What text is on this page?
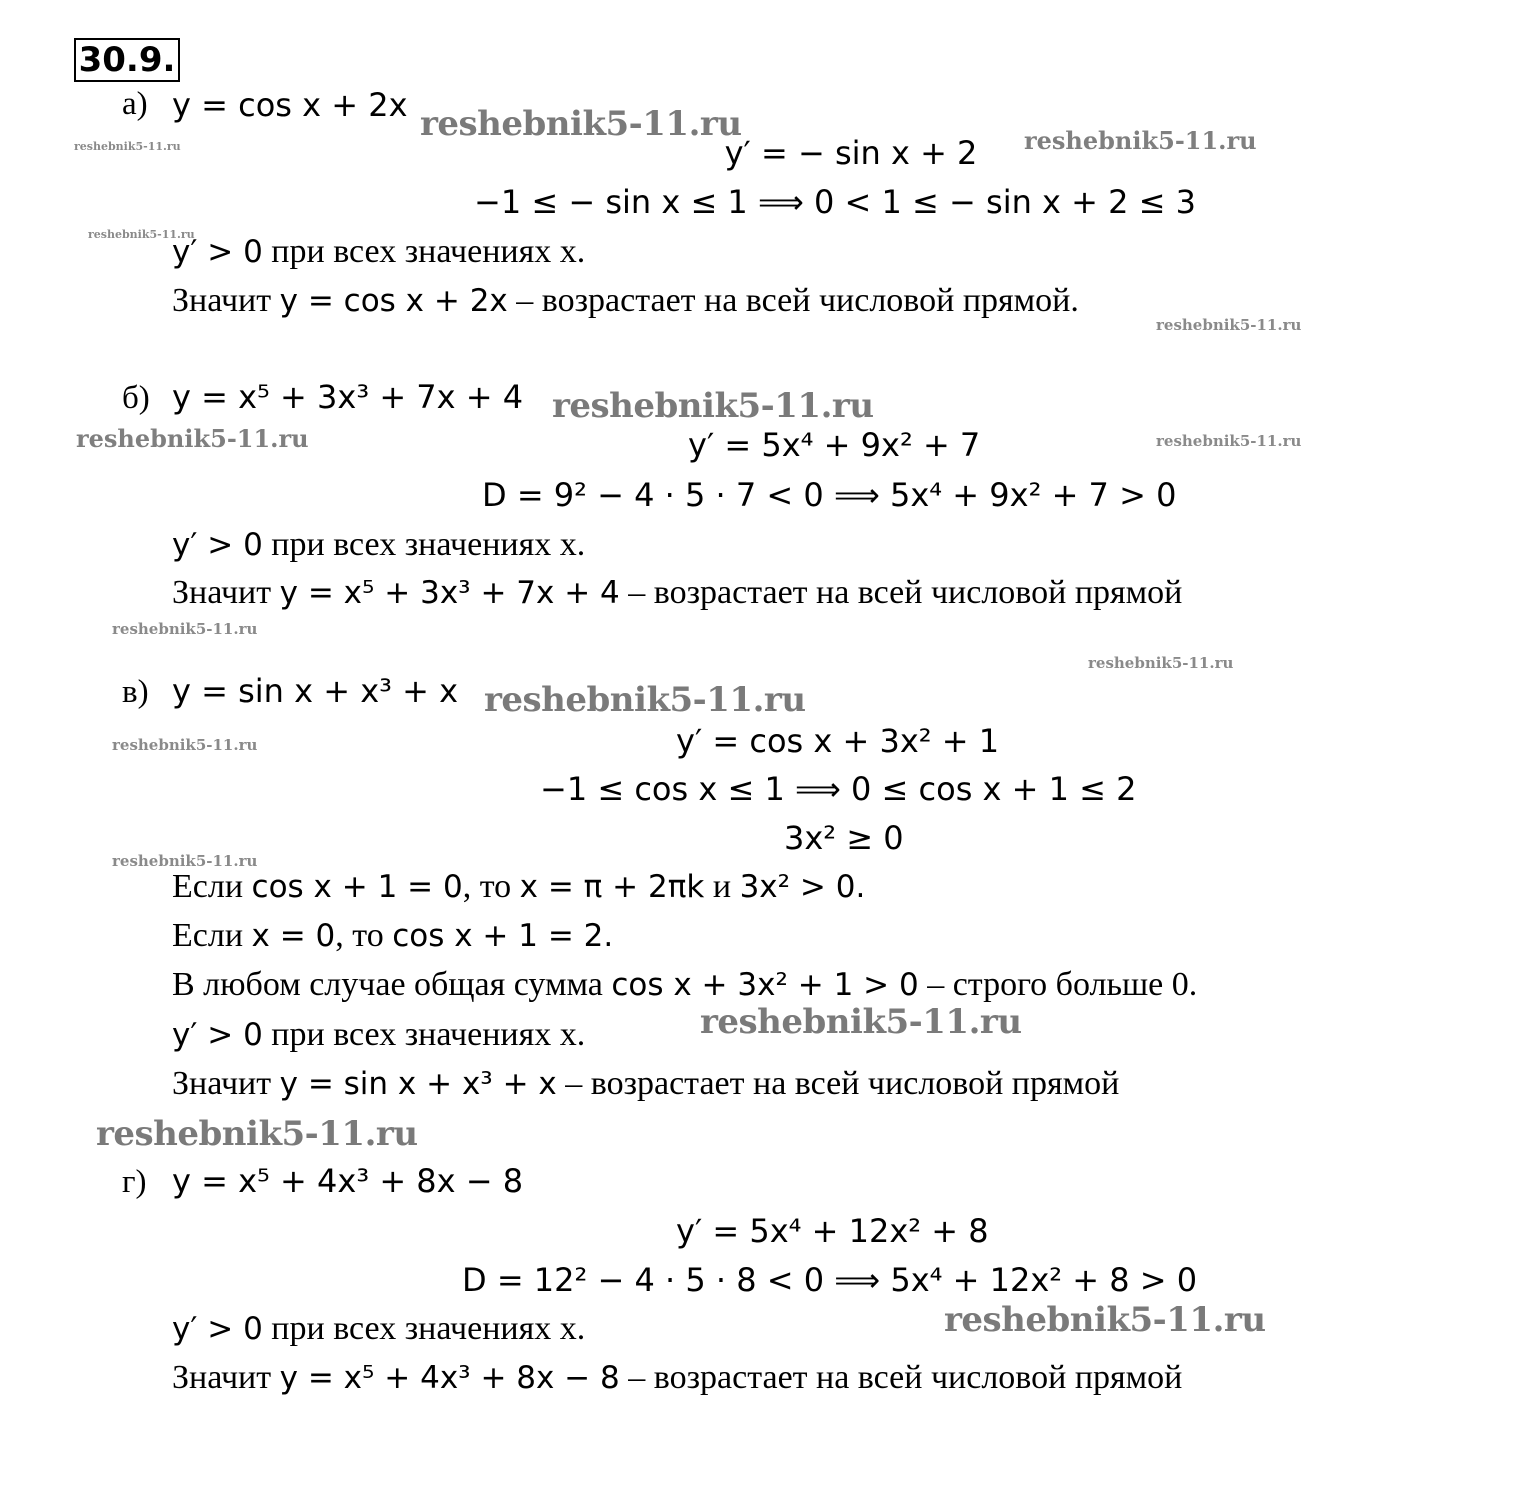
30.9.
а) y = cos x + 2x
y′ = − sin x + 2
−1 ≤ − sin x ≤ 1 ⟹ 0 < 1 ≤ − sin x + 2 ≤ 3
y′ > 0 при всех значениях x.
Значит y = cos x + 2x – возрастает на всей числовой прямой.
б) y = x⁵ + 3x³ + 7x + 4
y′ = 5x⁴ + 9x² + 7
D = 9² − 4 · 5 · 7 < 0 ⟹ 5x⁴ + 9x² + 7 > 0
y′ > 0 при всех значениях x.
Значит y = x⁵ + 3x³ + 7x + 4 – возрастает на всей числовой прямой
в) y = sin x + x³ + x
y′ = cos x + 3x² + 1
−1 ≤ cos x ≤ 1 ⟹ 0 ≤ cos x + 1 ≤ 2
3x² ≥ 0
Если cos x + 1 = 0, то x = π + 2πk и 3x² > 0.
Если x = 0, то cos x + 1 = 2.
В любом случае общая сумма cos x + 3x² + 1 > 0 – строго больше 0.
y′ > 0 при всех значениях x.
Значит y = sin x + x³ + x – возрастает на всей числовой прямой
г) y = x⁵ + 4x³ + 8x − 8
y′ = 5x⁴ + 12x² + 8
D = 12² − 4 · 5 · 8 < 0 ⟹ 5x⁴ + 12x² + 8 > 0
y′ > 0 при всех значениях x.
Значит y = x⁵ + 4x³ + 8x − 8 – возрастает на всей числовой прямой
reshebnik5-11.ru	reshebnik5-11.ru
reshebnik5-11.ru
reshebnik5-11.ru
reshebnik5-11.ru
reshebnik5-11.ru
reshebnik5-11.ru	reshebnik5-11.ru
reshebnik5-11.ru
reshebnik5-11.ru
reshebnik5-11.ru
reshebnik5-11.ru
reshebnik5-11.ru
reshebnik5-11.ru
reshebnik5-11.ru
reshebnik5-11.ru
